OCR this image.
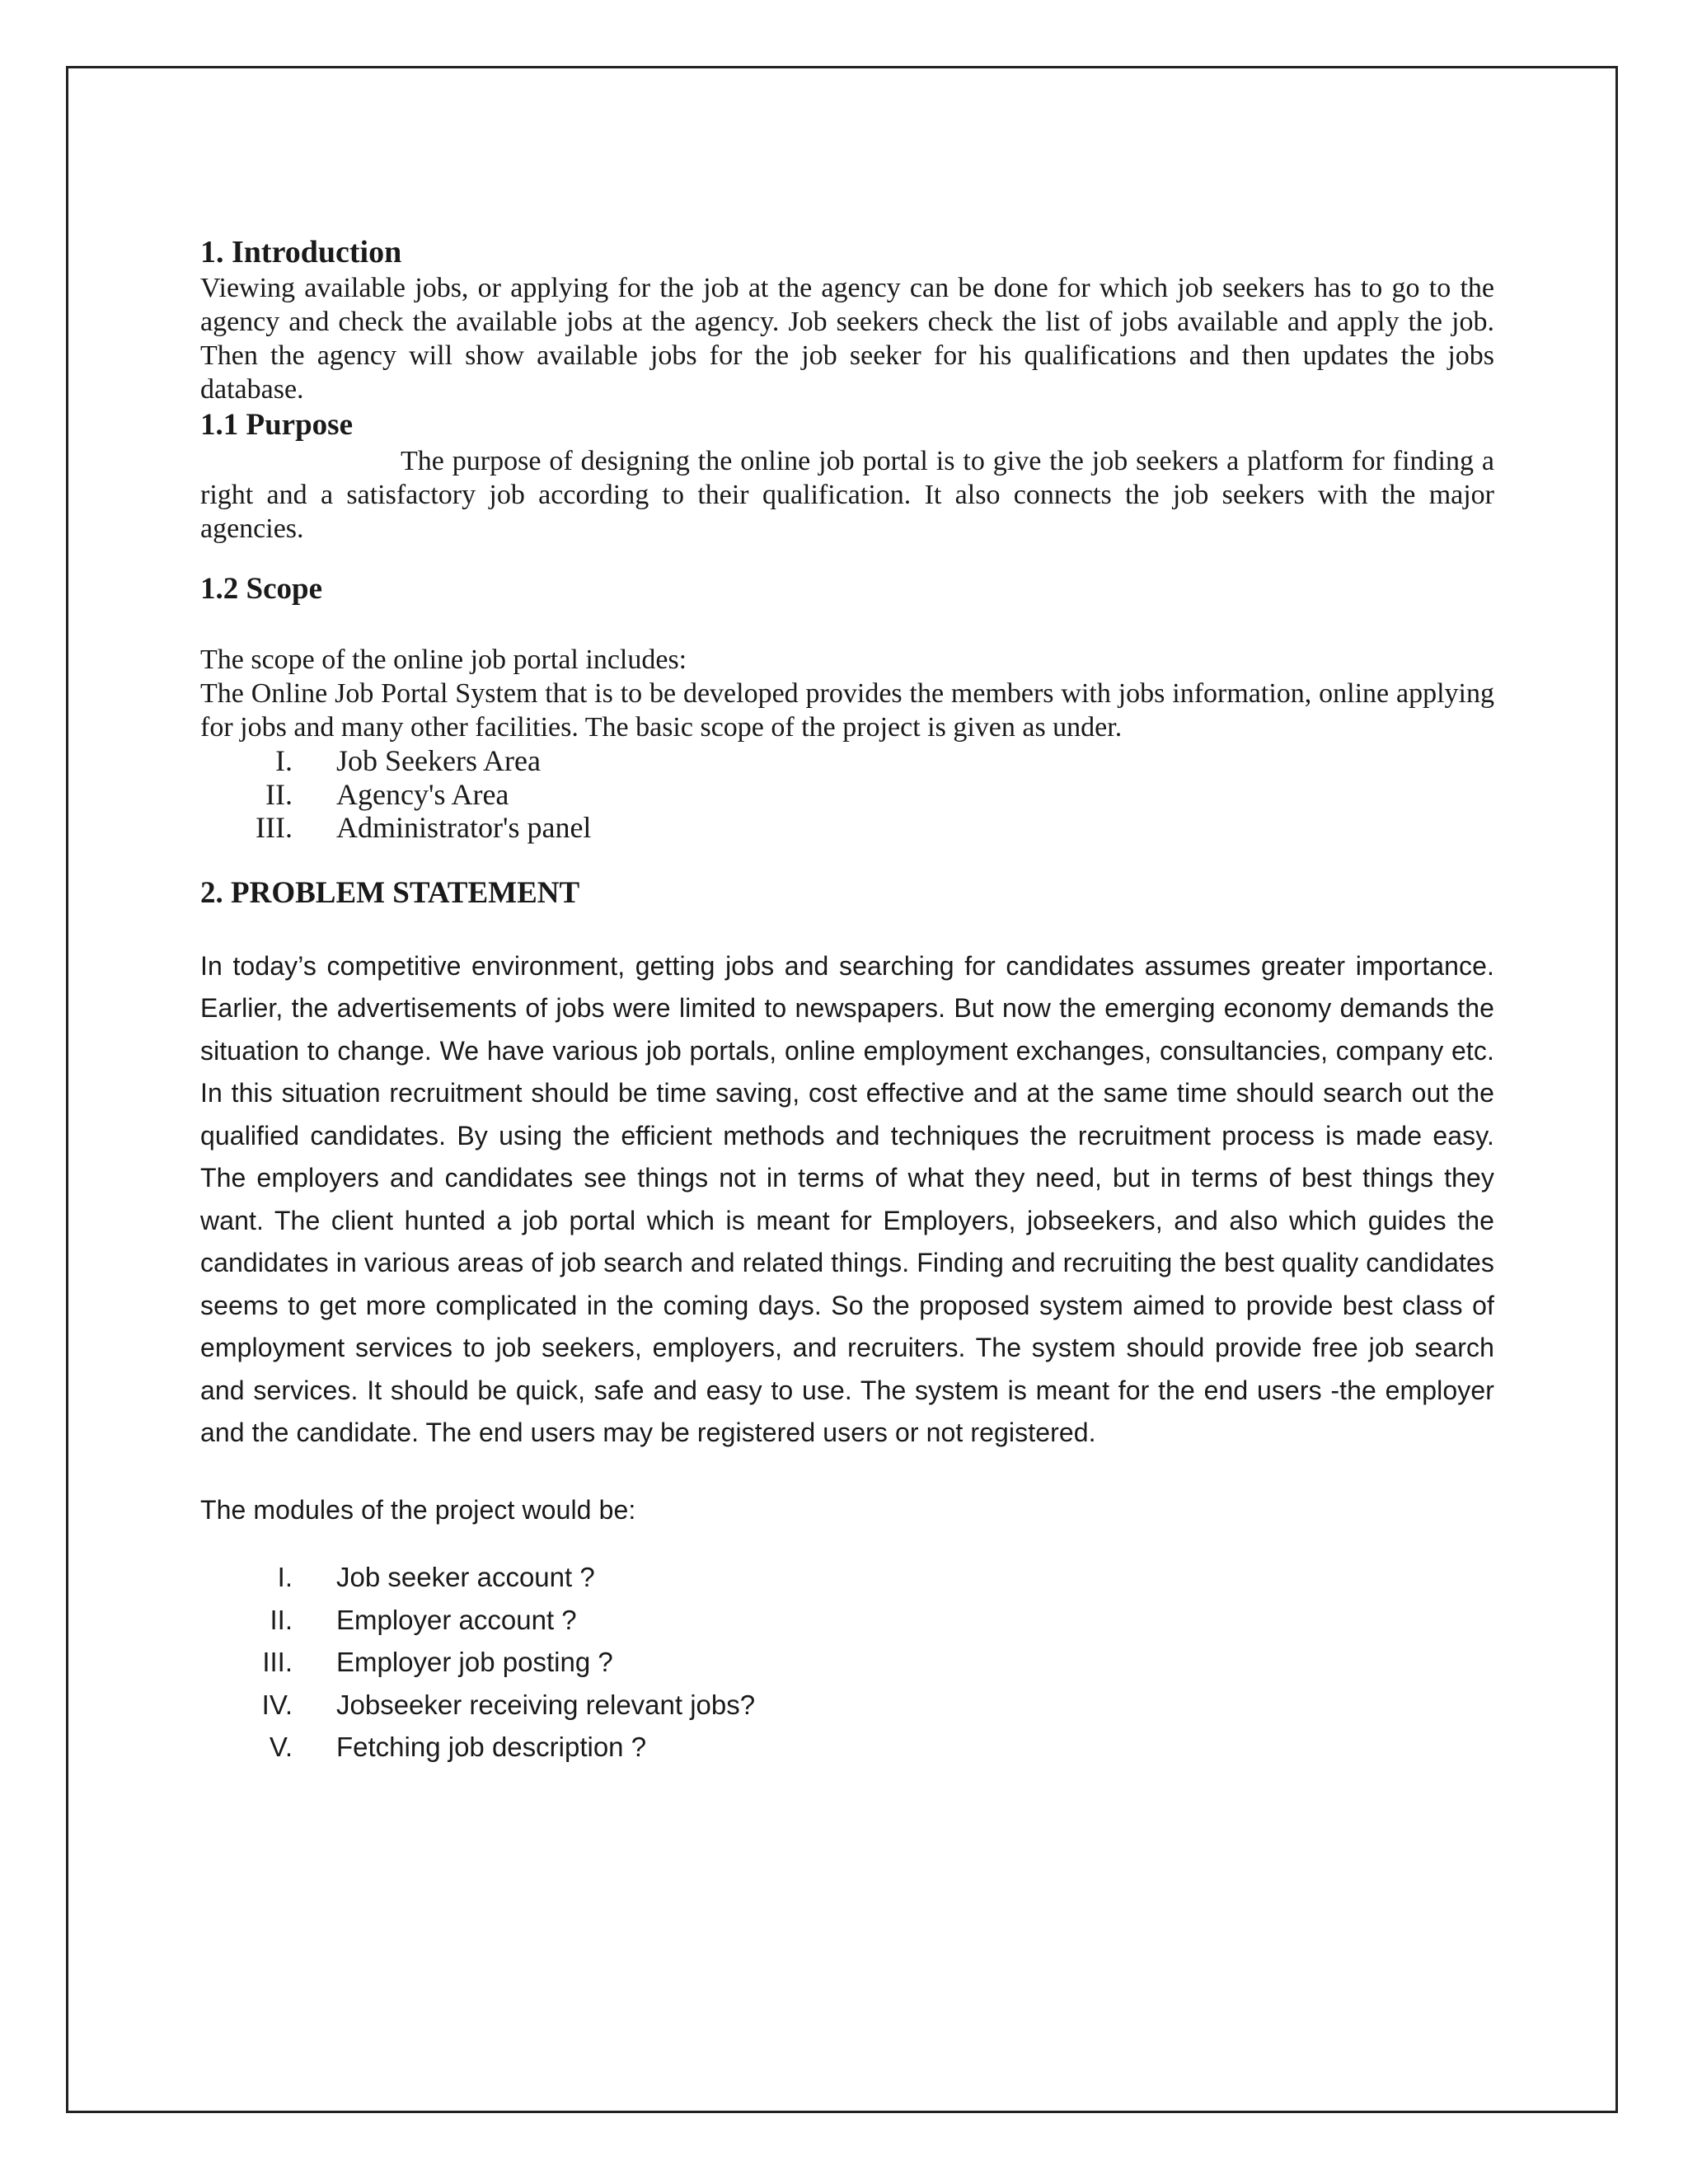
1. Introduction

Viewing available jobs, or applying for the job at the agency can be done for which job seekers has to go to the agency and check the available jobs at the agency. Job seekers check the list of jobs available and apply the job. Then the agency will show available jobs for the job seeker for his qualifications and then updates the jobs database.

1.1 Purpose

The purpose of designing the online job portal is to give the job seekers a platform for finding a right and a satisfactory job according to their qualification. It also connects the job seekers with the major agencies.

1.2 Scope

The scope of the online job portal includes:

The Online Job Portal System that is to be developed provides the members with jobs information, online applying for jobs and many other facilities. The basic scope of the project is given as under.

I.	Job Seekers Area
II.	Agency's Area
III.	Administrator's panel
2. PROBLEM STATEMENT

In today’s competitive environment, getting jobs and searching for candidates assumes greater importance. Earlier, the advertisements of jobs were limited to newspapers. But now the emerging economy demands the situation to change. We have various job portals, online employment exchanges, consultancies, company etc. In this situation recruitment should be time saving, cost effective and at the same time should search out the qualified candidates. By using the efficient methods and techniques the recruitment process is made easy. The employers and candidates see things not in terms of what they need, but in terms of best things they want. The client hunted a job portal which is meant for Employers, jobseekers, and also which guides the candidates in various areas of job search and related things. Finding and recruiting the best quality candidates seems to get more complicated in the coming days. So the proposed system aimed to provide best class of employment services to job seekers, employers, and recruiters. The system should provide free job search and services. It should be quick, safe and easy to use. The system is meant for the end users -the employer and the candidate. The end users may be registered users or not registered.

The modules of the project would be:

I.	Job seeker account ?
II.	Employer account ?
III.	Employer job posting ?
IV.	Jobseeker receiving relevant jobs?
V.	Fetching job description ?
